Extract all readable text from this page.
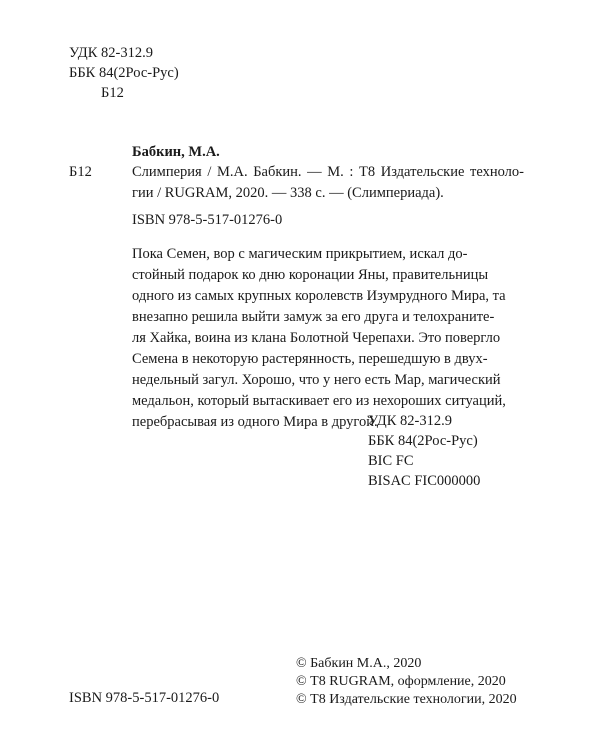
УДК 82-312.9
ББК 84(2Рос-Рус)
Б12
Бабкин, М.А.
Б12	Слимперия / М.А. Бабкин. — М. : Т8 Издательские техноло-
гии / RUGRAM, 2020. — 338 с. — (Слимпериада).
ISBN 978-5-517-01276-0
Пока Семен, вор с магическим прикрытием, искал до-
стойный подарок ко дню коронации Яны, правительницы
одного из самых крупных королевств Изумрудного Мира, та
внезапно решила выйти замуж за его друга и телохраните-
ля Хайка, воина из клана Болотной Черепахи. Это повергло
Семена в некоторую растерянность, перешедшую в двух-
недельный загул. Хорошо, что у него есть Мар, магический
медальон, который вытаскивает его из нехороших ситуаций,
перебрасывая из одного Мира в другой.
УДК 82-312.9
ББК 84(2Рос-Рус)
BIC FC
BISAC FIC000000
ISBN 978-5-517-01276-0
© Бабкин М.А., 2020
© Т8 RUGRAM, оформление, 2020
© Т8 Издательские технологии, 2020
